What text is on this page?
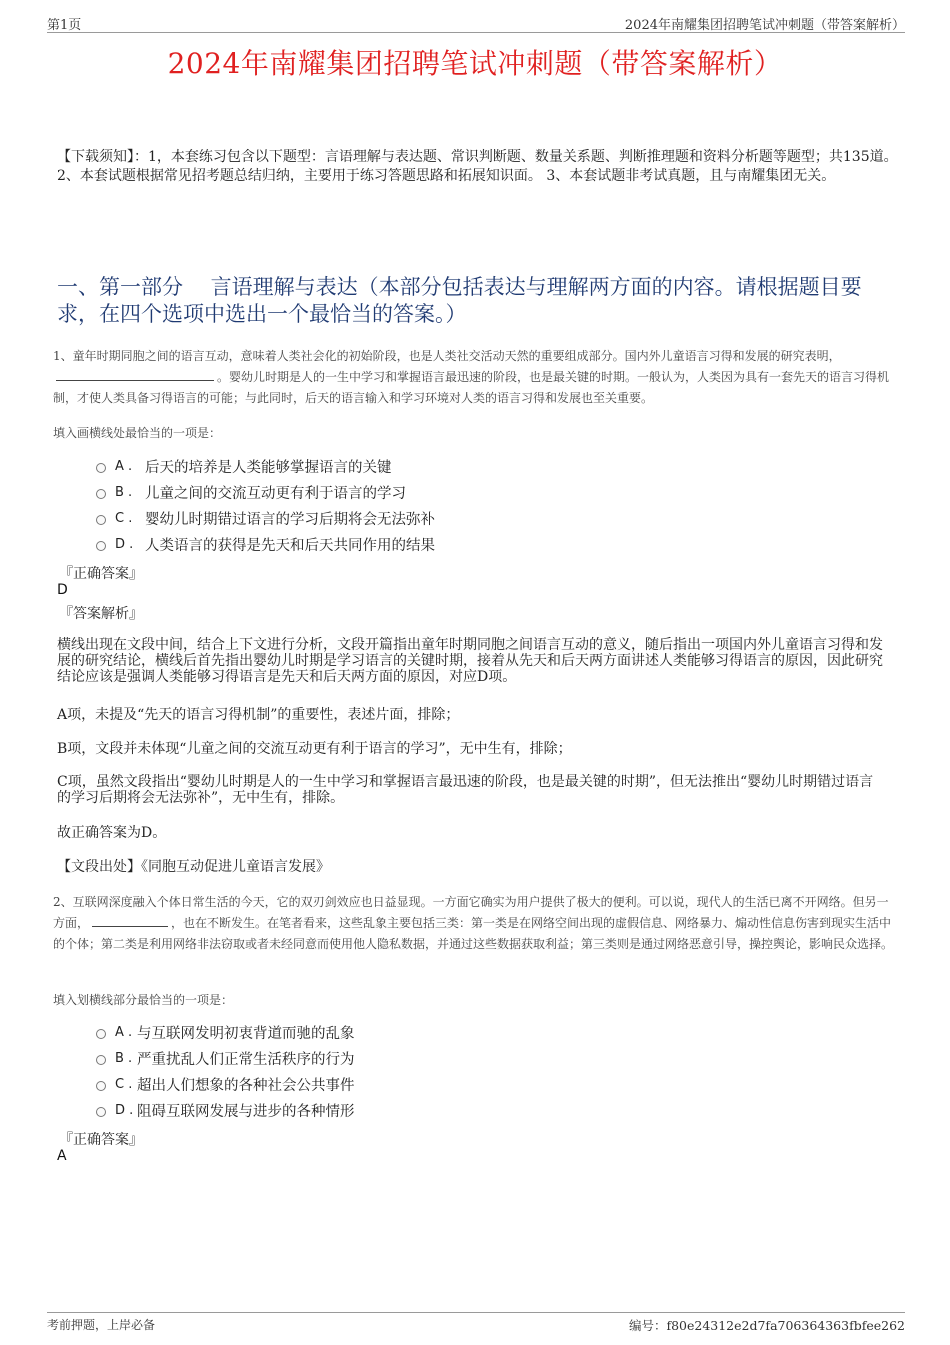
第1页	2024年南耀集团招聘笔试冲刺题（带答案解析）
2024年南耀集团招聘笔试冲刺题（带答案解析）
【下载须知】：1，本套练习包含以下题型：言语理解与表达题、常识判断题、数量关系题、判断推理题和资料分析题等题型；共135道。 2、本套试题根据常见招考题总结归纳，主要用于练习答题思路和拓展知识面。 3、本套试题非考试真题，且与南耀集团无关。
一、第一部分　 言语理解与表达（本部分包括表达与理解两方面的内容。请根据题目要求，在四个选项中选出一个最恰当的答案。）
1、童年时期同胞之间的语言互动，意味着人类社会化的初始阶段，也是人类社交活动天然的重要组成部分。国内外儿童语言习得和发展的研究表明，。婴幼儿时期是人的一生中学习和掌握语言最迅速的阶段，也是最关键的时期。一般认为，人类因为具有一套先天的语言习得机制，才使人类具备习得语言的可能；与此同时，后天的语言输入和学习环境对人类的语言习得和发展也至关重要。
填入画横线处最恰当的一项是：
A . 后天的培养是人类能够掌握语言的关键
B . 儿童之间的交流互动更有利于语言的学习
C . 婴幼儿时期错过语言的学习后期将会无法弥补
D . 人类语言的获得是先天和后天共同作用的结果
『正确答案』
D
『答案解析』
横线出现在文段中间，结合上下文进行分析，文段开篇指出童年时期同胞之间语言互动的意义，随后指出一项国内外儿童语言习得和发展的研究结论，横线后首先指出婴幼儿时期是学习语言的关键时期，接着从先天和后天两方面讲述人类能够习得语言的原因，因此研究结论应该是强调人类能够习得语言是先天和后天两方面的原因，对应D项。
A项，未提及“先天的语言习得机制”的重要性，表述片面，排除；
B项，文段并未体现“儿童之间的交流互动更有利于语言的学习”，无中生有，排除；
C项，虽然文段指出“婴幼儿时期是人的一生中学习和掌握语言最迅速的阶段，也是最关键的时期”，但无法推出“婴幼儿时期错过语言的学习后期将会无法弥补”，无中生有，排除。
故正确答案为D。
【文段出处】《同胞互动促进儿童语言发展》
2、互联网深度融入个体日常生活的今天，它的双刃剑效应也日益显现。一方面它确实为用户提供了极大的便利。可以说，现代人的生活已离不开网络。但另一方面，	，也在不断发生。在笔者看来，这些乱象主要包括三类：第一类是在网络空间出现的虚假信息、网络暴力、煽动性信息伤害到现实生活中的个体；第二类是利用网络非法窃取或者未经同意而使用他人隐私数据，并通过这些数据获取利益；第三类则是通过网络恶意引导，操控舆论，影响民众选择。
填入划横线部分最恰当的一项是：
A . 与互联网发明初衷背道而驰的乱象
B . 严重扰乱人们正常生活秩序的行为
C . 超出人们想象的各种社会公共事件
D . 阻碍互联网发展与进步的各种情形
『正确答案』
A
考前押题，上岸必备	编号：f80e24312e2d7fa706364363fbfee262
